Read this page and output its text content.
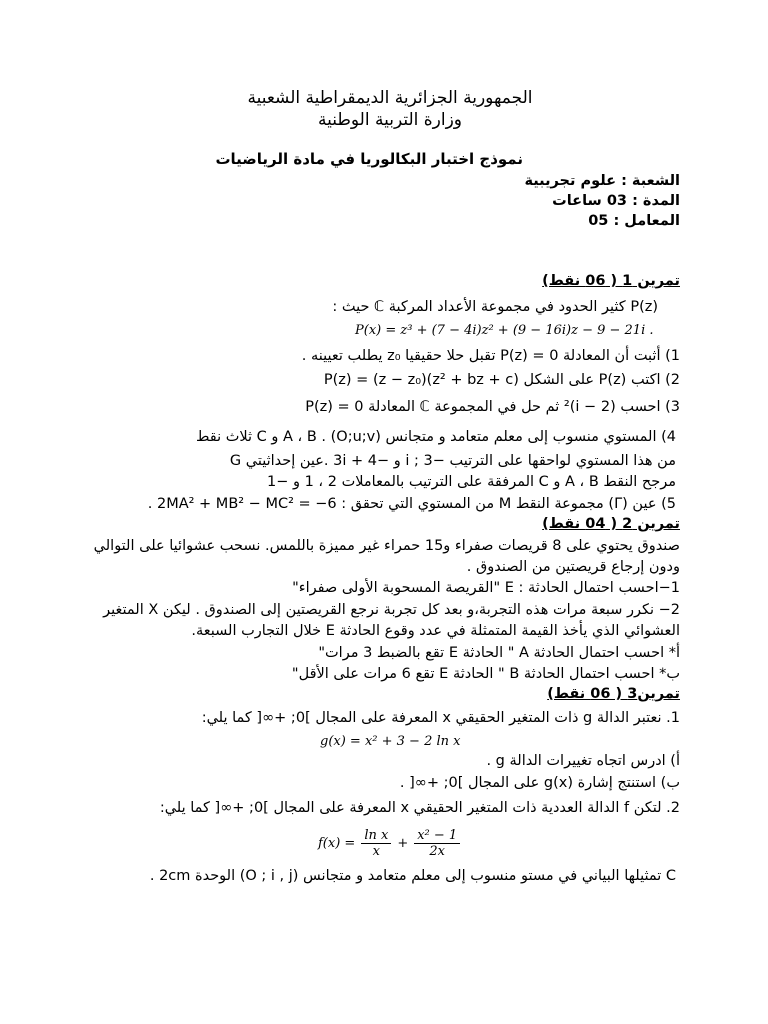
الجمهورية الجزائرية الديمقراطية الشعبية
وزارة التربية الوطنية
نموذج اختبار البكالوريا في مادة الرياضيات
الشعبة : علوم تجريبية
المدة : 03 ساعات
المعامل : 05
تمرين 1 ( 06 نقط)
P(z) كثير الحدود في مجموعة الأعداد المركبة ℂ حيث :
P(x) = z³ + (7 − 4i)z² + (9 − 16i)z − 9 − 21i .
1) أثبت أن المعادلة P(z) = 0 تقبل حلا حقيقيا z₀ يطلب تعيينه .
2) اكتب P(z) على الشكل P(z) = (z − z₀)(z² + bz + c)
3) احسب (2 − i)² ثم حل في المجموعة ℂ المعادلة P(z) = 0
4) المستوي منسوب إلى معلم متعامد و متجانس (O;u;v) . A ، B و C ثلاث نقط
من هذا المستوي لواحقها على الترتيب −3 ; i و −4 + 3i .عين إحداثيتي G
مرجح النقط A ، B و C المرفقة على الترتيب بالمعاملات 2 ، 1 و −1
5) عين (Γ) مجموعة النقط M من المستوي التي تحقق : 2MA² + MB² − MC² = −6 .
تمرين 2 ( 04 نقط)
صندوق يحتوي على 8 قريصات صفراء و15 حمراء غير مميزة باللمس. نسحب عشوائيا على التوالي
ودون إرجاع قريصتين من الصندوق .
1−احسب احتمال الحادثة : E "القريصة المسحوبة الأولى صفراء"
2− نكرر سبعة مرات هذه التجربة،و بعد كل تجربة نرجع القريصتين إلى الصندوق . ليكن X المتغير
العشوائي الذي يأخذ القيمة المتمثلة في عدد وقوع الحادثة E خلال التجارب السبعة.
أ* احسب احتمال الحادثة A " الحادثة E تقع بالضبط 3 مرات"
ب* احسب احتمال الحادثة B " الحادثة E تقع 6 مرات على الأقل"
تمرين3 ( 06 نقط)
1. نعتبر الدالة g ذات المتغير الحقيقي x المعرفة على المجال ]0; +∞[ كما يلي:
g(x) = x² + 3 − 2 ln x
أ) ادرس اتجاه تغييرات الدالة g .
ب) استنتج إشارة g(x) على المجال ]0; +∞[ .
2. لتكن f الدالة العددية ذات المتغير الحقيقي x المعرفة على المجال ]0; +∞[ كما يلي:
$f(x) = \frac{\text{ln x}}{x} + \frac{\text{x² − 1}}{2x}$
C تمثيلها البياني في مستو منسوب إلى معلم متعامد و متجانس (O ; i , j) الوحدة 2cm .
